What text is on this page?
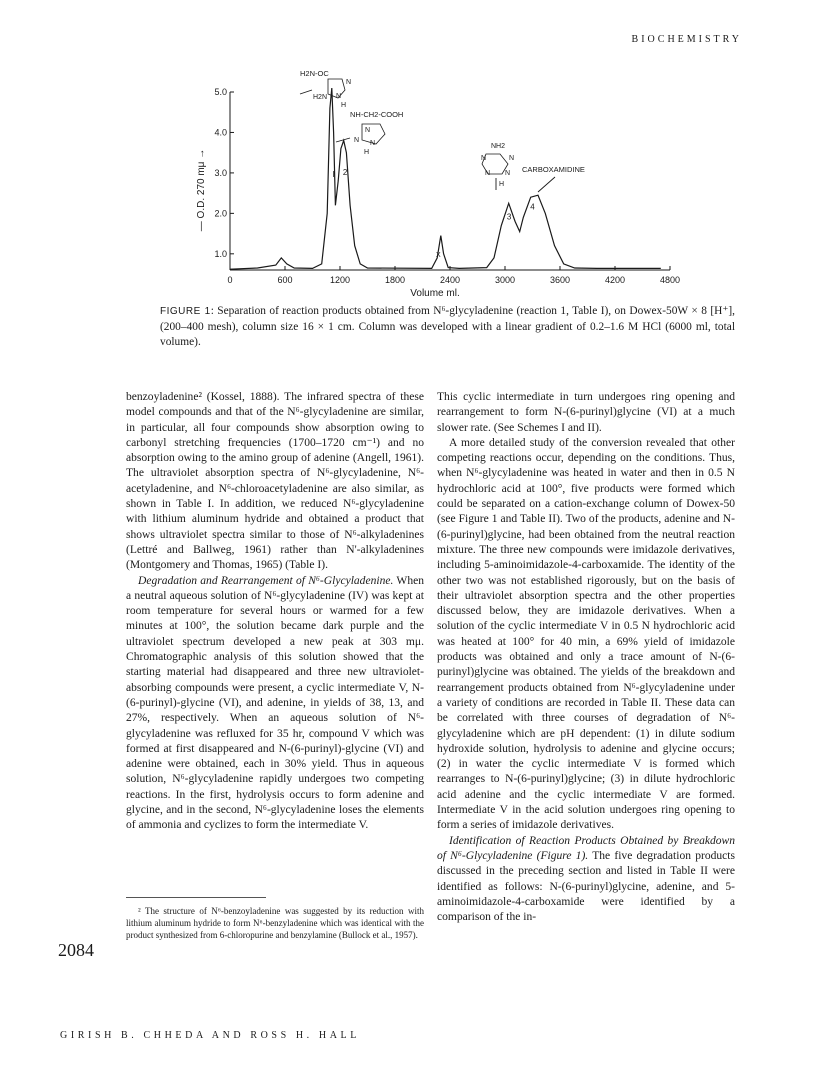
BIOCHEMISTRY
0	600	1200	1800	2400	3000	3600	4200	4800
1.0
2.0
3.0
4.0
5.0
I 2
3
4
H2N-OC
N
H2N N
H
NH-CH2-COOH
N
N N
H
NH2
N	N
N N
H
CARBOXAMIDINE
X
Volume ml.
— O.D. 270 mμ →
FIGURE 1: Separation of reaction products obtained from N⁶-glycyladenine (reaction 1, Table I), on Dowex-50W × 8 [H⁺], (200–400 mesh), column size 16 × 1 cm. Column was developed with a linear gradient of 0.2–1.6 M HCl (6000 ml, total volume).

benzoyladenine² (Kossel, 1888). The infrared spectra of these model compounds and that of the N⁶-glycyladenine are similar, in particular, all four compounds show absorption owing to carbonyl stretching frequencies (1700–1720 cm⁻¹) and no absorption owing to the amino group of adenine (Angell, 1961). The ultraviolet absorption spectra of N⁶-glycyladenine, N⁶-acetyladenine, and N⁶-chloroacetyladenine are also similar, as shown in Table I. In addition, we reduced N⁶-glycyladenine with lithium aluminum hydride and obtained a product that shows ultraviolet spectra similar to those of N⁶-alkyladenines (Lettré and Ballweg, 1961) rather than N'-alkyladenines (Montgomery and Thomas, 1965) (Table I).

Degradation and Rearrangement of N⁶-Glycyladenine. When a neutral aqueous solution of N⁶-glycyladenine (IV) was kept at room temperature for several hours or warmed for a few minutes at 100°, the solution became dark purple and the ultraviolet spectrum developed a new peak at 303 mμ. Chromatographic analysis of this solution showed that the starting material had disappeared and three new ultraviolet-absorbing compounds were present, a cyclic intermediate V, N-(6-purinyl)-glycine (VI), and adenine, in yields of 38, 13, and 27%, respectively. When an aqueous solution of N⁶-glycyladenine was refluxed for 35 hr, compound V which was formed at first disappeared and N-(6-purinyl)-glycine (VI) and adenine were obtained, each in 30% yield. Thus in aqueous solution, N⁶-glycyladenine rapidly undergoes two competing reactions. In the first, hydrolysis occurs to form adenine and glycine, and in the second, N⁶-glycyladenine loses the elements of ammonia and cyclizes to form the intermediate V.

This cyclic intermediate in turn undergoes ring opening and rearrangement to form N-(6-purinyl)glycine (VI) at a much slower rate. (See Schemes I and II).

A more detailed study of the conversion revealed that other competing reactions occur, depending on the conditions. Thus, when N⁶-glycyladenine was heated in water and then in 0.5 N hydrochloric acid at 100°, five products were formed which could be separated on a cation-exchange column of Dowex-50 (see Figure 1 and Table II). Two of the products, adenine and N-(6-purinyl)glycine, had been obtained from the neutral reaction mixture. The three new compounds were imidazole derivatives, including 5-aminoimidazole-4-carboxamide. The identity of the other two was not established rigorously, but on the basis of their ultraviolet absorption spectra and the other properties discussed below, they are imidazole derivatives. When a solution of the cyclic intermediate V in 0.5 N hydrochloric acid was heated at 100° for 40 min, a 69% yield of imidazole products was obtained and only a trace amount of N-(6-purinyl)glycine was obtained. The yields of the breakdown and rearrangement products obtained from N⁶-glycyladenine under a variety of conditions are recorded in Table II. These data can be correlated with three courses of degradation of N⁶-glycyladenine which are pH dependent: (1) in dilute sodium hydroxide solution, hydrolysis to adenine and glycine occurs; (2) in water the cyclic intermediate V is formed which rearranges to N-(6-purinyl)glycine; (3) in dilute hydrochloric acid adenine and the cyclic intermediate V are formed. Intermediate V in the acid solution undergoes ring opening to form a series of imidazole derivatives.

Identification of Reaction Products Obtained by Breakdown of N⁶-Glycyladenine (Figure 1). The five degradation products discussed in the preceding section and listed in Table II were identified as follows: N-(6-purinyl)glycine, adenine, and 5-aminoimidazole-4-carboxamide were identified by a comparison of the in-

² The structure of N⁶-benzoyladenine was suggested by its reduction with lithium aluminum hydride to form N⁶-benzyladenine which was identical with the product synthesized from 6-chloropurine and benzylamine (Bullock et al., 1957).

2084
GIRISH B. CHHEDA AND ROSS H. HALL
